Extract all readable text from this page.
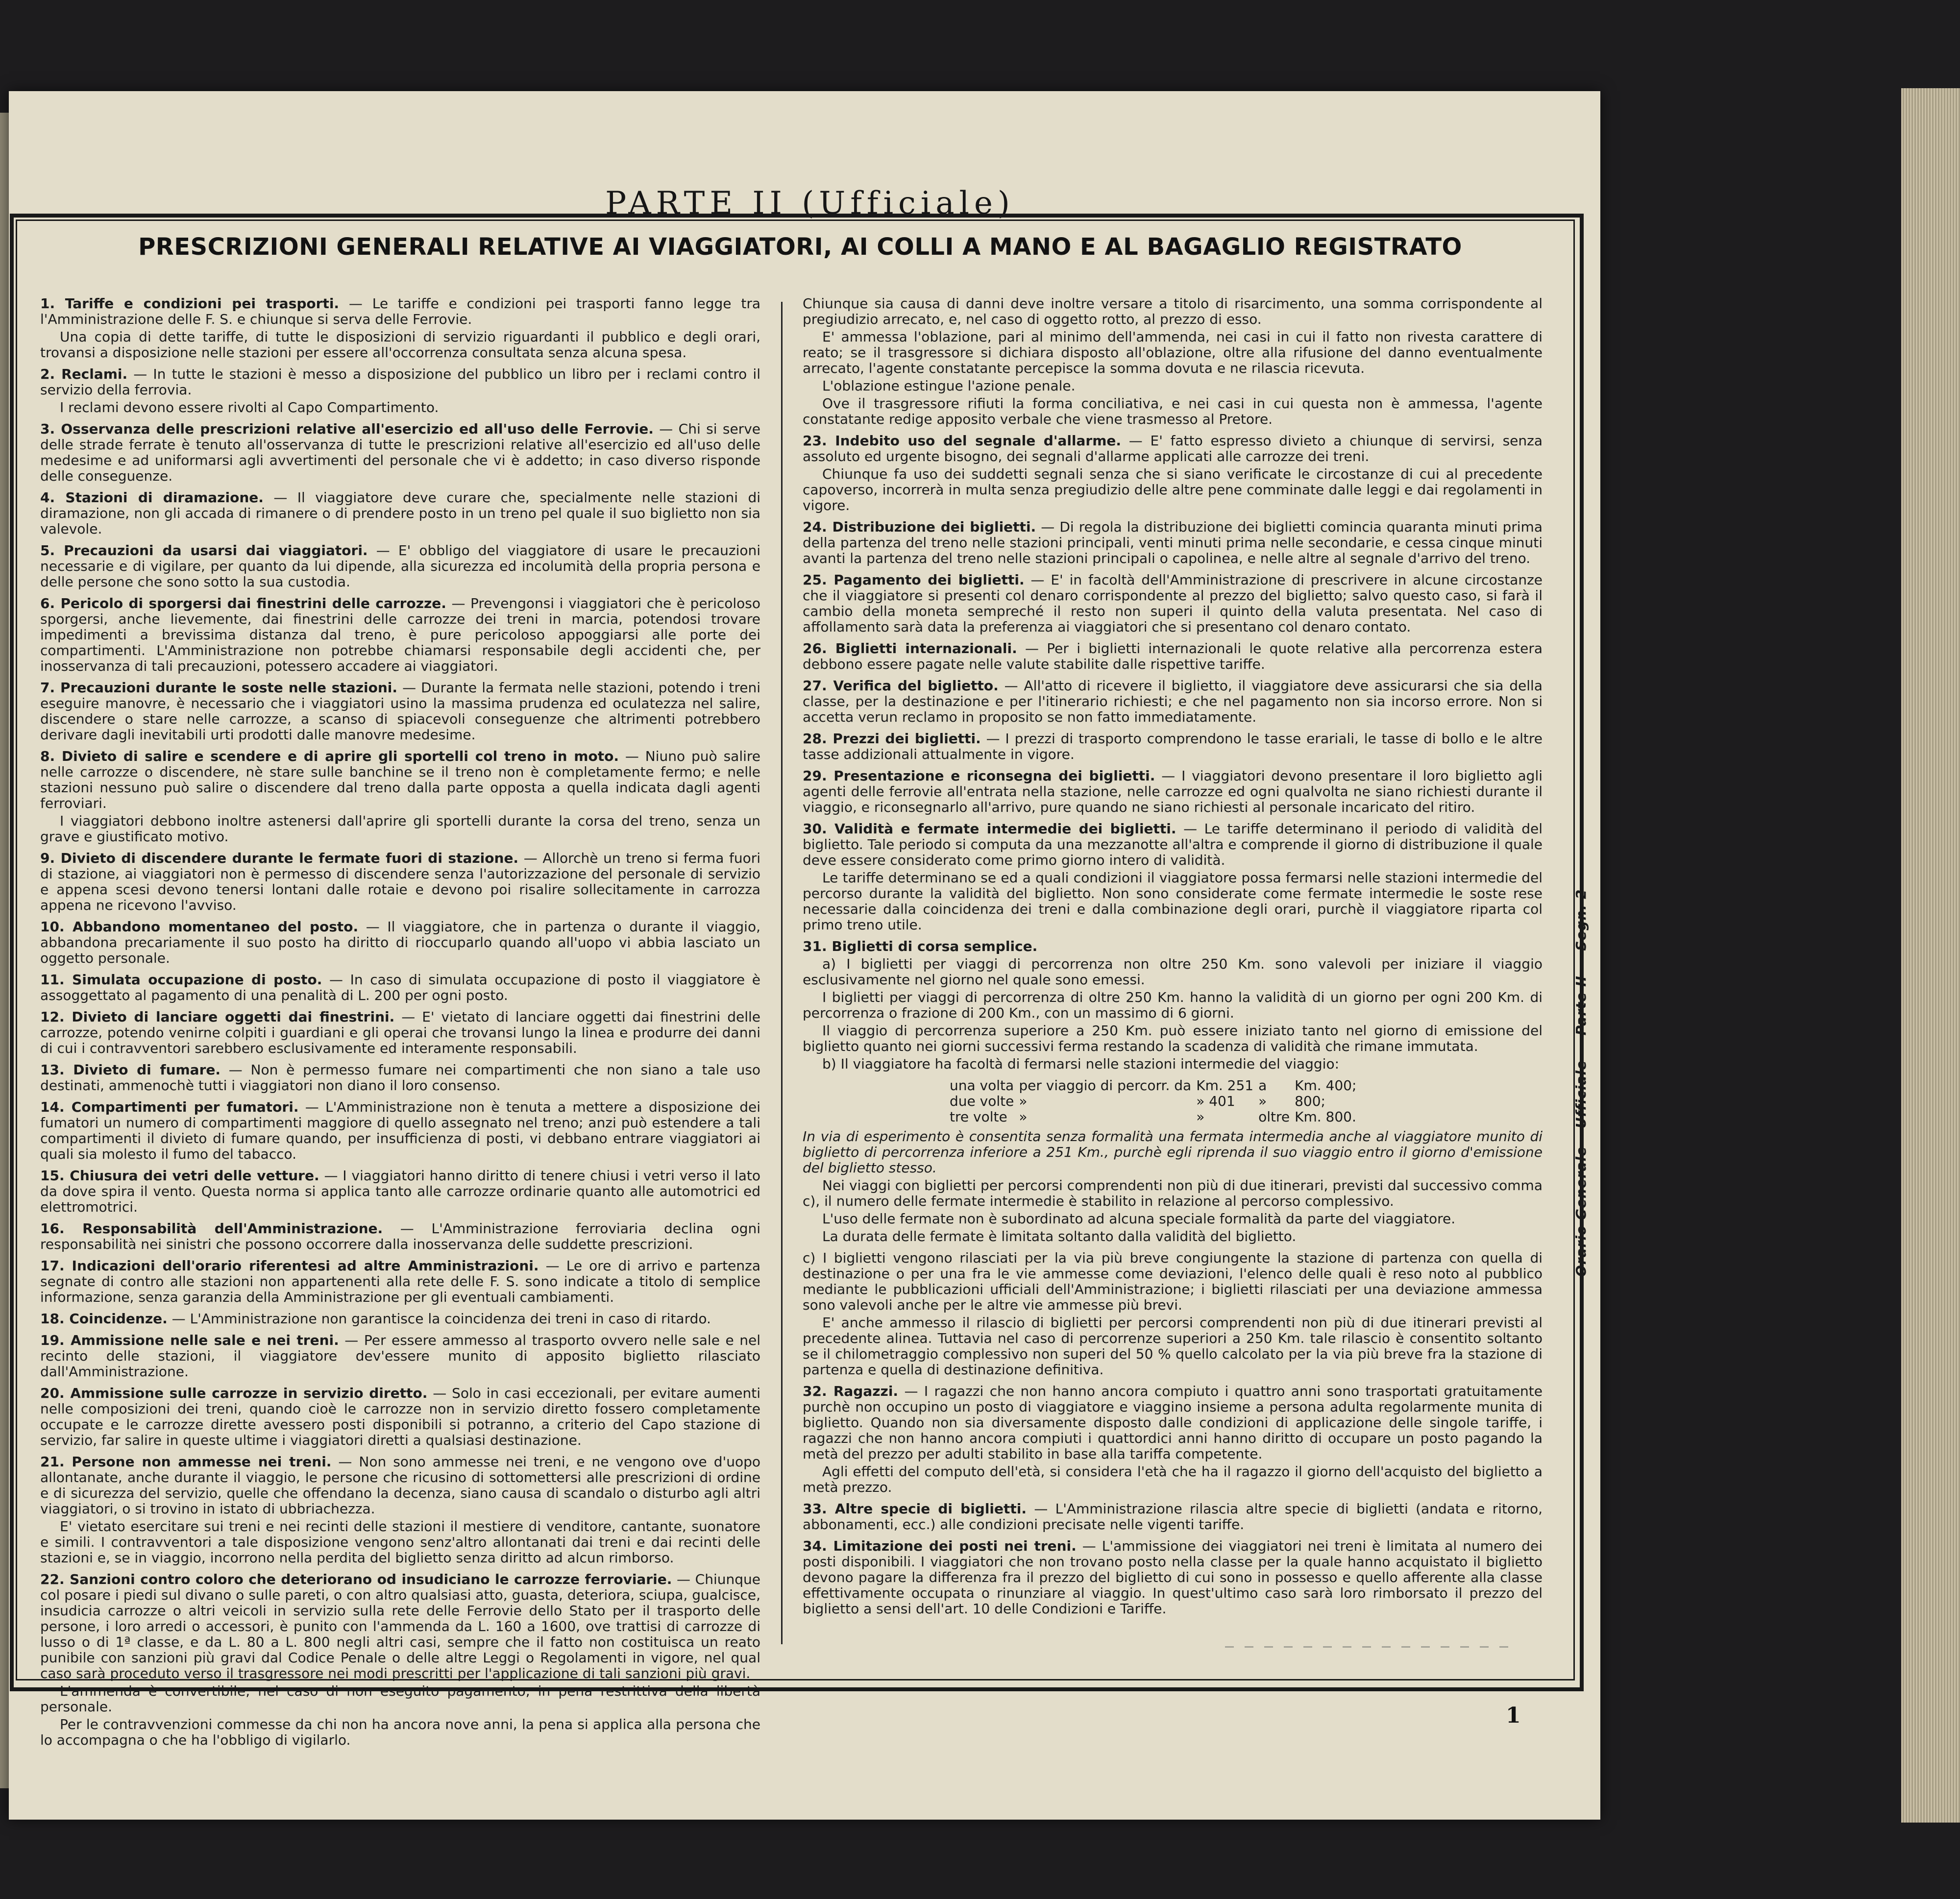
PARTE II (Ufficiale)
PRESCRIZIONI GENERALI RELATIVE AI VIAGGIATORI, AI COLLI A MANO E AL BAGAGLIO REGISTRATO

1. Tariffe e condizioni pei trasporti. — Le tariffe e condizioni pei trasporti fanno legge tra l'Amministrazione delle F. S. e chiunque si serva delle Ferrovie.

Una copia di dette tariffe, di tutte le disposizioni di servizio riguardanti il pubblico e degli orari, trovansi a disposizione nelle stazioni per essere all'occorrenza consultata senza alcuna spesa.

2. Reclami. — In tutte le stazioni è messo a disposizione del pubblico un libro per i reclami contro il servizio della ferrovia.

I reclami devono essere rivolti al Capo Compartimento.

3. Osservanza delle prescrizioni relative all'esercizio ed all'uso delle Ferrovie. — Chi si serve delle strade ferrate è tenuto all'osservanza di tutte le prescrizioni relative all'esercizio ed all'uso delle medesime e ad uniformarsi agli avvertimenti del personale che vi è addetto; in caso diverso risponde delle conseguenze.

4. Stazioni di diramazione. — Il viaggiatore deve curare che, specialmente nelle stazioni di diramazione, non gli accada di rimanere o di prendere posto in un treno pel quale il suo biglietto non sia valevole.

5. Precauzioni da usarsi dai viaggiatori. — E' obbligo del viaggiatore di usare le precauzioni necessarie e di vigilare, per quanto da lui dipende, alla sicurezza ed incolumità della propria persona e delle persone che sono sotto la sua custodia.

6. Pericolo di sporgersi dai finestrini delle carrozze. — Prevengonsi i viaggiatori che è pericoloso sporgersi, anche lievemente, dai finestrini delle carrozze dei treni in marcia, potendosi trovare impedimenti a brevissima distanza dal treno, è pure pericoloso appoggiarsi alle porte dei compartimenti. L'Amministrazione non potrebbe chiamarsi responsabile degli accidenti che, per inosservanza di tali precauzioni, potessero accadere ai viaggiatori.

7. Precauzioni durante le soste nelle stazioni. — Durante la fermata nelle stazioni, potendo i treni eseguire manovre, è necessario che i viaggiatori usino la massima prudenza ed oculatezza nel salire, discendere o stare nelle carrozze, a scanso di spiacevoli conseguenze che altrimenti potrebbero derivare dagli inevitabili urti prodotti dalle manovre medesime.

8. Divieto di salire e scendere e di aprire gli sportelli col treno in moto. — Niuno può salire nelle carrozze o discendere, nè stare sulle banchine se il treno non è completamente fermo; e nelle stazioni nessuno può salire o discendere dal treno dalla parte opposta a quella indicata dagli agenti ferroviari.

I viaggiatori debbono inoltre astenersi dall'aprire gli sportelli durante la corsa del treno, senza un grave e giustificato motivo.

9. Divieto di discendere durante le fermate fuori di stazione. — Allorchè un treno si ferma fuori di stazione, ai viaggiatori non è permesso di discendere senza l'autorizzazione del personale di servizio e appena scesi devono tenersi lontani dalle rotaie e devono poi risalire sollecitamente in carrozza appena ne ricevono l'avviso.

10. Abbandono momentaneo del posto. — Il viaggiatore, che in partenza o durante il viaggio, abbandona precariamente il suo posto ha diritto di rioccuparlo quando all'uopo vi abbia lasciato un oggetto personale.

11. Simulata occupazione di posto. — In caso di simulata occupazione di posto il viaggiatore è assoggettato al pagamento di una penalità di L. 200 per ogni posto.

12. Divieto di lanciare oggetti dai finestrini. — E' vietato di lanciare oggetti dai finestrini delle carrozze, potendo venirne colpiti i guardiani e gli operai che trovansi lungo la linea e produrre dei danni di cui i contravventori sarebbero esclusivamente ed interamente responsabili.

13. Divieto di fumare. — Non è permesso fumare nei compartimenti che non siano a tale uso destinati, ammenochè tutti i viaggiatori non diano il loro consenso.

14. Compartimenti per fumatori. — L'Amministrazione non è tenuta a mettere a disposizione dei fumatori un numero di compartimenti maggiore di quello assegnato nel treno; anzi può estendere a tali compartimenti il divieto di fumare quando, per insufficienza di posti, vi debbano entrare viaggiatori ai quali sia molesto il fumo del tabacco.

15. Chiusura dei vetri delle vetture. — I viaggiatori hanno diritto di tenere chiusi i vetri verso il lato da dove spira il vento. Questa norma si applica tanto alle carrozze ordinarie quanto alle automotrici ed elettromotrici.

16. Responsabilità dell'Amministrazione. — L'Amministrazione ferroviaria declina ogni responsabilità nei sinistri che possono occorrere dalla inosservanza delle suddette prescrizioni.

17. Indicazioni dell'orario riferentesi ad altre Amministrazioni. — Le ore di arrivo e partenza segnate di contro alle stazioni non appartenenti alla rete delle F. S. sono indicate a titolo di semplice informazione, senza garanzia della Amministrazione per gli eventuali cambiamenti.

18. Coincidenze. — L'Amministrazione non garantisce la coincidenza dei treni in caso di ritardo.

19. Ammissione nelle sale e nei treni. — Per essere ammesso al trasporto ovvero nelle sale e nel recinto delle stazioni, il viaggiatore dev'essere munito di apposito biglietto rilasciato dall'Amministrazione.

20. Ammissione sulle carrozze in servizio diretto. — Solo in casi eccezionali, per evitare aumenti nelle composizioni dei treni, quando cioè le carrozze non in servizio diretto fossero completamente occupate e le carrozze dirette avessero posti disponibili si potranno, a criterio del Capo stazione di servizio, far salire in queste ultime i viaggiatori diretti a qualsiasi destinazione.

21. Persone non ammesse nei treni. — Non sono ammesse nei treni, e ne vengono ove d'uopo allontanate, anche durante il viaggio, le persone che ricusino di sottomettersi alle prescrizioni di ordine e di sicurezza del servizio, quelle che offendano la decenza, siano causa di scandalo o disturbo agli altri viaggiatori, o si trovino in istato di ubbriachezza.

E' vietato esercitare sui treni e nei recinti delle stazioni il mestiere di venditore, cantante, suonatore e simili. I contravventori a tale disposizione vengono senz'altro allontanati dai treni e dai recinti delle stazioni e, se in viaggio, incorrono nella perdita del biglietto senza diritto ad alcun rimborso.

22. Sanzioni contro coloro che deteriorano od insudiciano le carrozze ferroviarie. — Chiunque col posare i piedi sul divano o sulle pareti, o con altro qualsiasi atto, guasta, deteriora, sciupa, gualcisce, insudicia carrozze o altri veicoli in servizio sulla rete delle Ferrovie dello Stato per il trasporto delle persone, i loro arredi o accessori, è punito con l'ammenda da L. 160 a 1600, ove trattisi di carrozze di lusso o di 1ª classe, e da L. 80 a L. 800 negli altri casi, sempre che il fatto non costituisca un reato punibile con sanzioni più gravi dal Codice Penale o delle altre Leggi o Regolamenti in vigore, nel qual caso sarà proceduto verso il trasgressore nei modi prescritti per l'applicazione di tali sanzioni più gravi.

L'ammenda è convertibile, nel caso di non eseguito pagamento, in pena restrittiva della libertà personale.

Per le contravvenzioni commesse da chi non ha ancora nove anni, la pena si applica alla persona che lo accompagna o che ha l'obbligo di vigilarlo.

Chiunque sia causa di danni deve inoltre versare a titolo di risarcimento, una somma corrispondente al pregiudizio arrecato, e, nel caso di oggetto rotto, al prezzo di esso.

E' ammessa l'oblazione, pari al minimo dell'ammenda, nei casi in cui il fatto non rivesta carattere di reato; se il trasgressore si dichiara disposto all'oblazione, oltre alla rifusione del danno eventualmente arrecato, l'agente constatante percepisce la somma dovuta e ne rilascia ricevuta.

L'oblazione estingue l'azione penale.

Ove il trasgressore rifiuti la forma conciliativa, e nei casi in cui questa non è ammessa, l'agente constatante redige apposito verbale che viene trasmesso al Pretore.

23. Indebito uso del segnale d'allarme. — E' fatto espresso divieto a chiunque di servirsi, senza assoluto ed urgente bisogno, dei segnali d'allarme applicati alle carrozze dei treni.

Chiunque fa uso dei suddetti segnali senza che si siano verificate le circostanze di cui al precedente capoverso, incorrerà in multa senza pregiudizio delle altre pene comminate dalle leggi e dai regolamenti in vigore.

24. Distribuzione dei biglietti. — Di regola la distribuzione dei biglietti comincia quaranta minuti prima della partenza del treno nelle stazioni principali, venti minuti prima nelle secondarie, e cessa cinque minuti avanti la partenza del treno nelle stazioni principali o capolinea, e nelle altre al segnale d'arrivo del treno.

25. Pagamento dei biglietti. — E' in facoltà dell'Amministrazione di prescrivere in alcune circostanze che il viaggiatore si presenti col denaro corrispondente al prezzo del biglietto; salvo questo caso, si farà il cambio della moneta sempreché il resto non superi il quinto della valuta presentata. Nel caso di affollamento sarà data la preferenza ai viaggiatori che si presentano col denaro contato.

26. Biglietti internazionali. — Per i biglietti internazionali le quote relative alla percorrenza estera debbono essere pagate nelle valute stabilite dalle rispettive tariffe.

27. Verifica del biglietto. — All'atto di ricevere il biglietto, il viaggiatore deve assicurarsi che sia della classe, per la destinazione e per l'itinerario richiesti; e che nel pagamento non sia incorso errore. Non si accetta verun reclamo in proposito se non fatto immediatamente.

28. Prezzi dei biglietti. — I prezzi di trasporto comprendono le tasse erariali, le tasse di bollo e le altre tasse addizionali attualmente in vigore.

29. Presentazione e riconsegna dei biglietti. — I viaggiatori devono presentare il loro biglietto agli agenti delle ferrovie all'entrata nella stazione, nelle carrozze ed ogni qualvolta ne siano richiesti durante il viaggio, e riconsegnarlo all'arrivo, pure quando ne siano richiesti al personale incaricato del ritiro.

30. Validità e fermate intermedie dei biglietti. — Le tariffe determinano il periodo di validità del biglietto. Tale periodo si computa da una mezzanotte all'altra e comprende il giorno di distribuzione il quale deve essere considerato come primo giorno intero di validità.

Le tariffe determinano se ed a quali condizioni il viaggiatore possa fermarsi nelle stazioni intermedie del percorso durante la validità del biglietto. Non sono considerate come fermate intermedie le soste rese necessarie dalla coincidenza dei treni e dalla combinazione degli orari, purchè il viaggiatore riparta col primo treno utile.

31. Biglietti di corsa semplice.

a) I biglietti per viaggi di percorrenza non oltre 250 Km. sono valevoli per iniziare il viaggio esclusivamente nel giorno nel quale sono emessi.

I biglietti per viaggi di percorrenza di oltre 250 Km. hanno la validità di un giorno per ogni 200 Km. di percorrenza o frazione di 200 Km., con un massimo di 6 giorni.

Il viaggio di percorrenza superiore a 250 Km. può essere iniziato tanto nel giorno di emissione del biglietto quanto nei giorni successivi ferma restando la scadenza di validità che rimane immutata.

b) Il viaggiatore ha facoltà di fermarsi nelle stazioni intermedie del viaggio:

una volta	per viaggio di percorr. da	Km. 251	a	Km. 400;
due volte	»	» 401	»	800;
tre volte	»	»	oltre	Km. 800.

In via di esperimento è consentita senza formalità una fermata intermedia anche al viaggiatore munito di biglietto di percorrenza inferiore a 251 Km., purchè egli riprenda il suo viaggio entro il giorno d'emissione del biglietto stesso.

Nei viaggi con biglietti per percorsi comprendenti non più di due itinerari, previsti dal successivo comma c), il numero delle fermate intermedie è stabilito in relazione al percorso complessivo.

L'uso delle fermate non è subordinato ad alcuna speciale formalità da parte del viaggiatore.

La durata delle fermate è limitata soltanto dalla validità del biglietto.

c) I biglietti vengono rilasciati per la via più breve congiungente la stazione di partenza con quella di destinazione o per una fra le vie ammesse come deviazioni, l'elenco delle quali è reso noto al pubblico mediante le pubblicazioni ufficiali dell'Amministrazione; i biglietti rilasciati per una deviazione ammessa sono valevoli anche per le altre vie ammesse più brevi.

E' anche ammesso il rilascio di biglietti per percorsi comprendenti non più di due itinerari previsti al precedente alinea. Tuttavia nel caso di percorrenze superiori a 250 Km. tale rilascio è consentito soltanto se il chilometraggio complessivo non superi del 50 % quello calcolato per la via più breve fra la stazione di partenza e quella di destinazione definitiva.

32. Ragazzi. — I ragazzi che non hanno ancora compiuto i quattro anni sono trasportati gratuitamente purchè non occupino un posto di viaggiatore e viaggino insieme a persona adulta regolarmente munita di biglietto. Quando non sia diversamente disposto dalle condizioni di applicazione delle singole tariffe, i ragazzi che non hanno ancora compiuti i quattordici anni hanno diritto di occupare un posto pagando la metà del prezzo per adulti stabilito in base alla tariffa competente.

Agli effetti del computo dell'età, si considera l'età che ha il ragazzo il giorno dell'acquisto del biglietto a metà prezzo.

33. Altre specie di biglietti. — L'Amministrazione rilascia altre specie di biglietti (andata e ritorno, abbonamenti, ecc.) alle condizioni precisate nelle vigenti tariffe.

34. Limitazione dei posti nei treni. — L'ammissione dei viaggiatori nei treni è limitata al numero dei posti disponibili. I viaggiatori che non trovano posto nella classe per la quale hanno acquistato il biglietto devono pagare la differenza fra il prezzo del biglietto di cui sono in possesso e quello afferente alla classe effettivamente occupata o rinunziare al viaggio. In quest'ultimo caso sarà loro rimborsato il prezzo del biglietto a sensi dell'art. 10 delle Condizioni e Tariffe.

Orario Generale – Ufficiale — Parte II — Segn. 2

1
